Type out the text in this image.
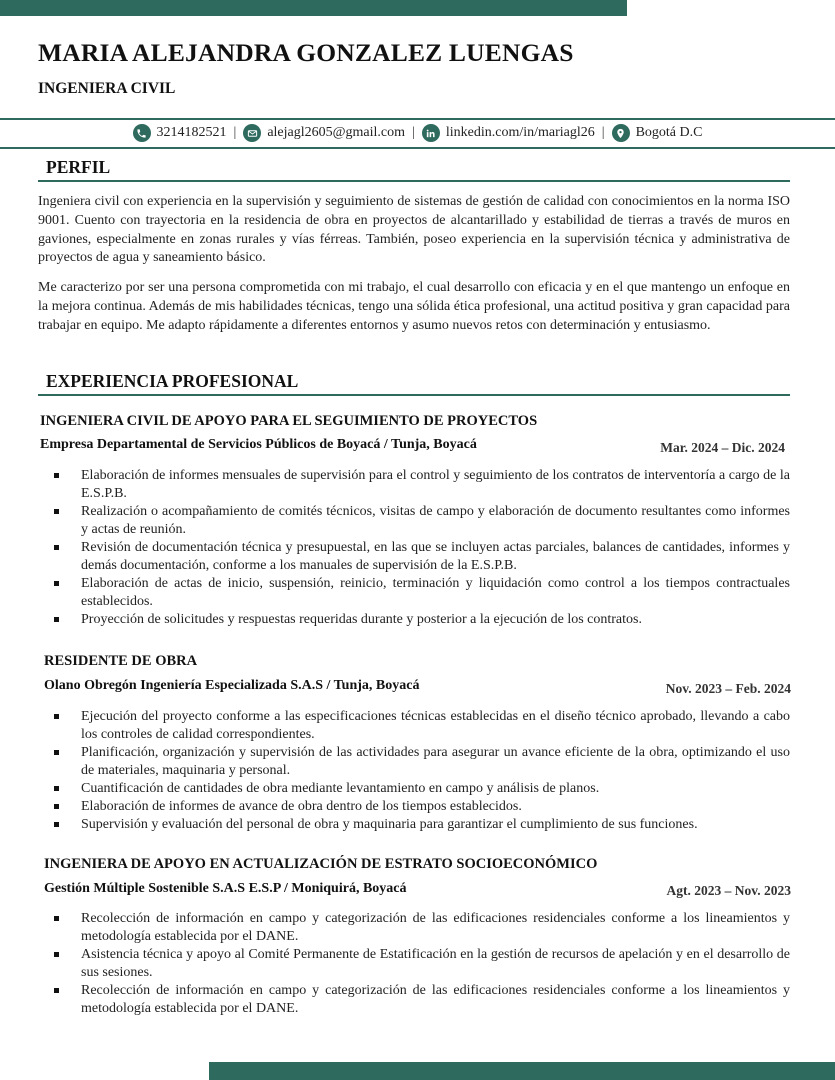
MARIA ALEJANDRA GONZALEZ LUENGAS
INGENIERA CIVIL
3214182521 | alejagl2605@gmail.com | linkedin.com/in/mariagl26 | Bogotá D.C
PERFIL

Ingeniera civil con experiencia en la supervisión y seguimiento de sistemas de gestión de calidad con conocimientos en la norma ISO 9001. Cuento con trayectoria en la residencia de obra en proyectos de alcantarillado y estabilidad de tierras a través de muros en gaviones, especialmente en zonas rurales y vías férreas. También, poseo experiencia en la supervisión técnica y administrativa de proyectos de agua y saneamiento básico.

Me caracterizo por ser una persona comprometida con mi trabajo, el cual desarrollo con eficacia y en el que mantengo un enfoque en la mejora continua. Además de mis habilidades técnicas, tengo una sólida ética profesional, una actitud positiva y gran capacidad para trabajar en equipo. Me adapto rápidamente a diferentes entornos y asumo nuevos retos con determinación y entusiasmo.

EXPERIENCIA PROFESIONAL
INGENIERA CIVIL DE APOYO PARA EL SEGUIMIENTO DE PROYECTOS
Empresa Departamental de Servicios Públicos de Boyacá / Tunja, Boyacá	Mar. 2024 – Dic. 2024
Elaboración de informes mensuales de supervisión para el control y seguimiento de los contratos de interventoría a cargo de la E.S.P.B.
Realización o acompañamiento de comités técnicos, visitas de campo y elaboración de documento resultantes como informes y actas de reunión.
Revisión de documentación técnica y presupuestal, en las que se incluyen actas parciales, balances de cantidades, informes y demás documentación, conforme a los manuales de supervisión de la E.S.P.B.
Elaboración de actas de inicio, suspensión, reinicio, terminación y liquidación como control a los tiempos contractuales establecidos.
Proyección de solicitudes y respuestas requeridas durante y posterior a la ejecución de los contratos.
RESIDENTE DE OBRA
Olano Obregón Ingeniería Especializada S.A.S / Tunja, Boyacá	Nov. 2023 – Feb. 2024
Ejecución del proyecto conforme a las especificaciones técnicas establecidas en el diseño técnico aprobado, llevando a cabo los controles de calidad correspondientes.
Planificación, organización y supervisión de las actividades para asegurar un avance eficiente de la obra, optimizando el uso de materiales, maquinaria y personal.
Cuantificación de cantidades de obra mediante levantamiento en campo y análisis de planos.
Elaboración de informes de avance de obra dentro de los tiempos establecidos.
Supervisión y evaluación del personal de obra y maquinaria para garantizar el cumplimiento de sus funciones.
INGENIERA DE APOYO EN ACTUALIZACIÓN DE ESTRATO SOCIOECONÓMICO
Gestión Múltiple Sostenible S.A.S E.S.P / Moniquirá, Boyacá	Agt. 2023 – Nov. 2023
Recolección de información en campo y categorización de las edificaciones residenciales conforme a los lineamientos y metodología establecida por el DANE.
Asistencia técnica y apoyo al Comité Permanente de Estatificación en la gestión de recursos de apelación y en el desarrollo de sus sesiones.
Recolección de información en campo y categorización de las edificaciones residenciales conforme a los lineamientos y metodología establecida por el DANE.
